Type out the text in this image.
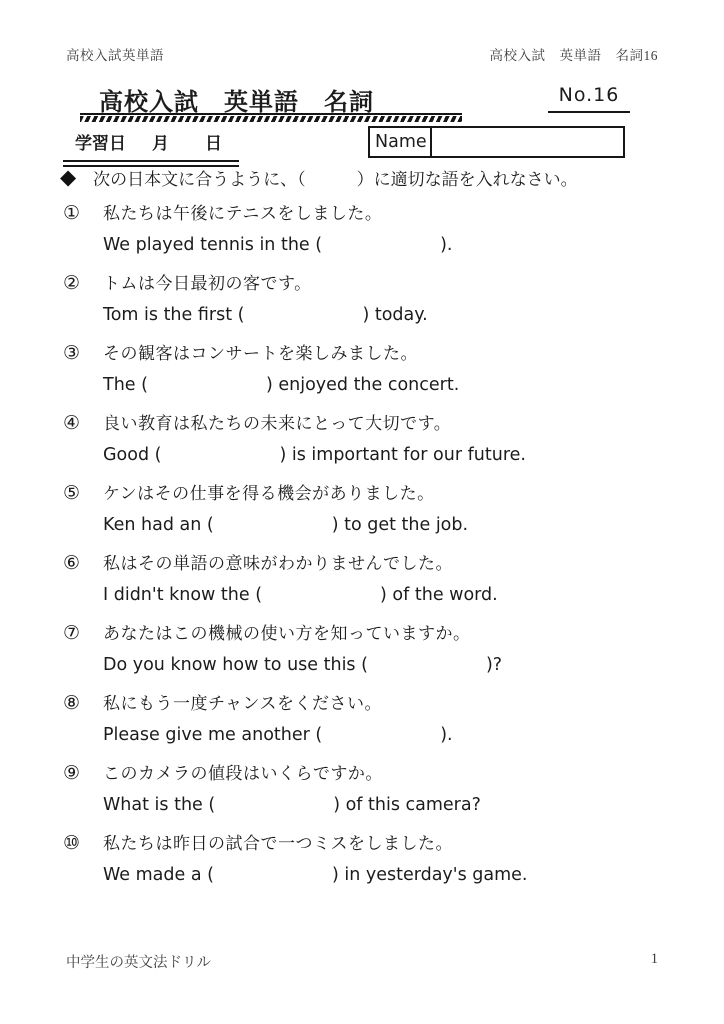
高校入試英単語	高校入試　英単語　名詞16
高校入試　英単語　名詞	No.16
学習日 月 日	Name
◆ 次の日本文に合うように、（　　　）に適切な語を入れなさい。
①	私たちは午後にテニスをしました。
We played tennis in the (	).
②	トムは今日最初の客です。
Tom is the first (	) today.
③	その観客はコンサートを楽しみました。
The (	) enjoyed the concert.
④	良い教育は私たちの未来にとって大切です。
Good (	) is important for our future.
⑤	ケンはその仕事を得る機会がありました。
Ken had an (	) to get the job.
⑥	私はその単語の意味がわかりませんでした。
I didn't know the (	) of the word.
⑦	あなたはこの機械の使い方を知っていますか。
Do you know how to use this (	)?
⑧	私にもう一度チャンスをください。
Please give me another (	).
⑨	このカメラの値段はいくらですか。
What is the (	) of this camera?
⑩	私たちは昨日の試合で一つミスをしました。
We made a (	) in yesterday's game.
中学生の英文法ドリル	1
